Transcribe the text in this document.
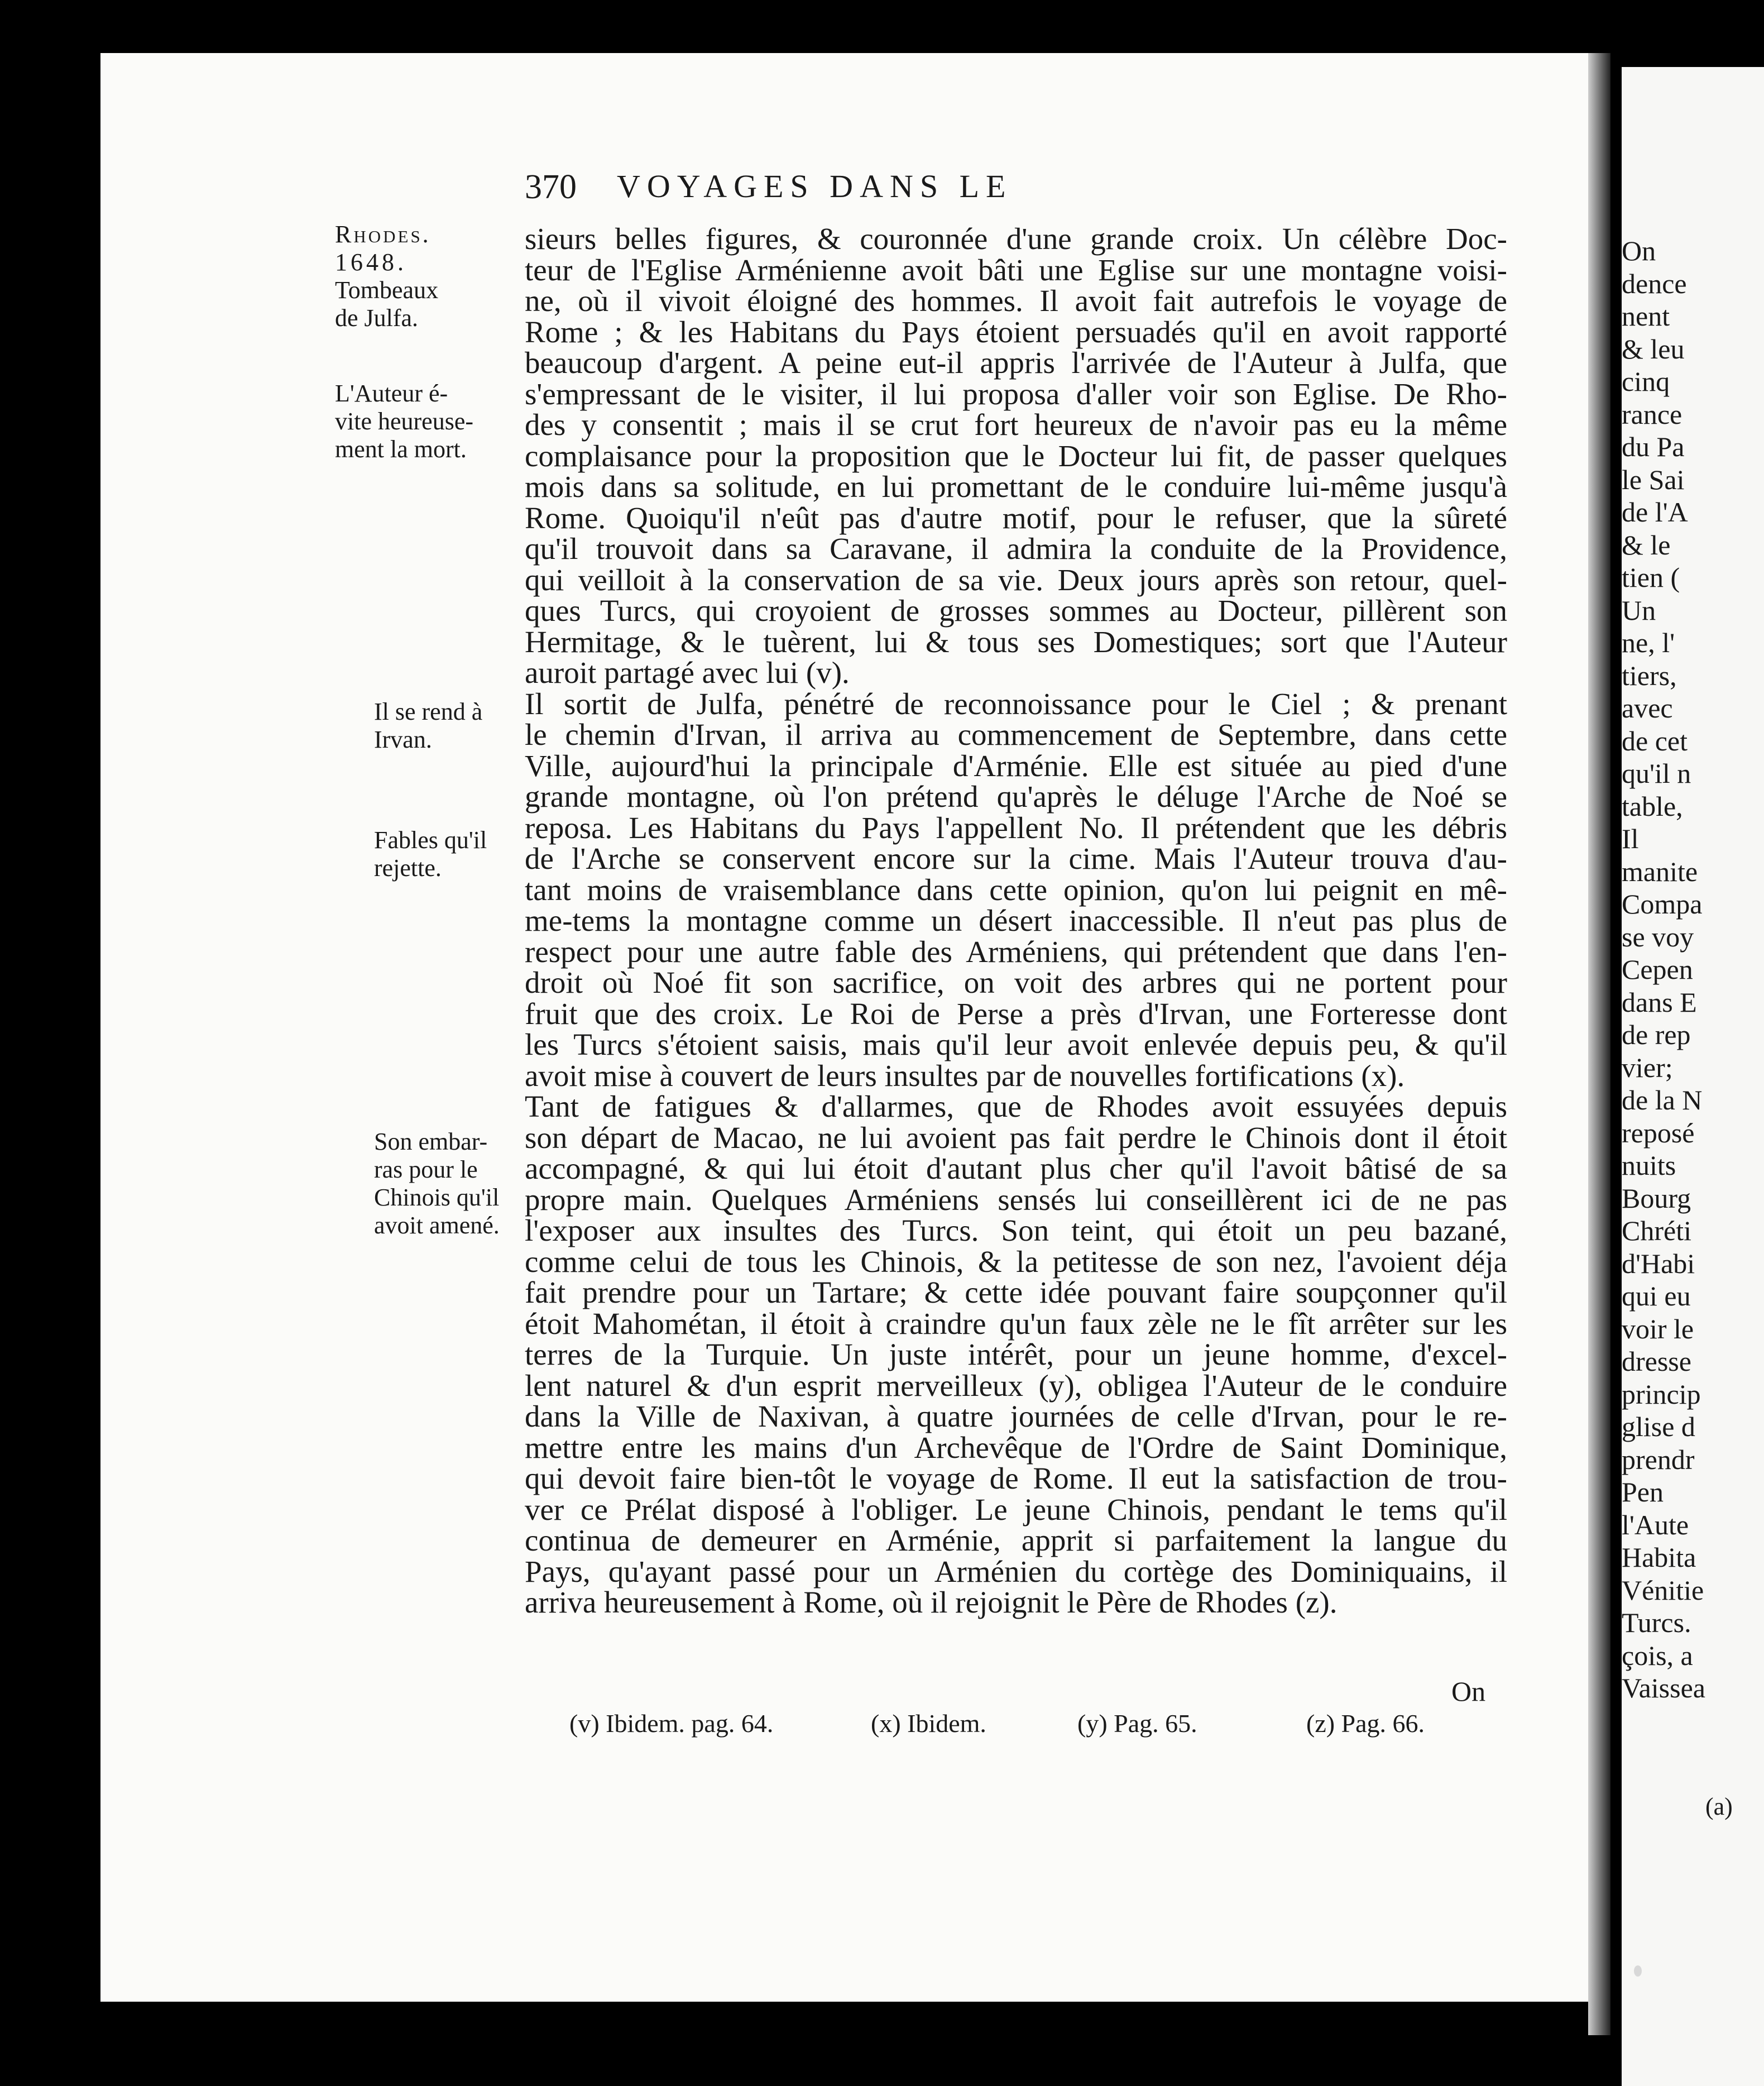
On
dence
nent
& leu
cinq
rance
du Pa
le Sai
de l'A
& le
tien (
Un
ne, l'
tiers,
avec
de cet
qu'il n
table,
Il
manite
Compa
se voy
Cepen
dans E
de rep
vier;
de la N
reposé
nuits
Bourg
Chréti
d'Habi
qui eu
voir le
dresse
princip
glise d
prendr
Pen
l'Aute
Habita
Vénitie
Turcs.
çois, a
Vaissea
(a)
370 VOYAGES DANS LE
Rhodes.
1648.
Tombeaux
de Julfa.
L'Auteur é-
vite heureuse-
ment la mort.
Il se rend à
Irvan.
Fables qu'il
rejette.
Son embar-
ras pour le
Chinois qu'il
avoit amené.
sieurs belles figures, & couronnée d'une grande croix. Un célèbre Doc-
teur de l'Eglise Arménienne avoit bâti une Eglise sur une montagne voisi-
ne, où il vivoit éloigné des hommes. Il avoit fait autrefois le voyage de
Rome ; & les Habitans du Pays étoient persuadés qu'il en avoit rapporté
beaucoup d'argent. A peine eut-il appris l'arrivée de l'Auteur à Julfa, que
s'empressant de le visiter, il lui proposa d'aller voir son Eglise. De Rho-
des y consentit ; mais il se crut fort heureux de n'avoir pas eu la même
complaisance pour la proposition que le Docteur lui fit, de passer quelques
mois dans sa solitude, en lui promettant de le conduire lui-même jusqu'à
Rome. Quoiqu'il n'eût pas d'autre motif, pour le refuser, que la sûreté
qu'il trouvoit dans sa Caravane, il admira la conduite de la Providence,
qui veilloit à la conservation de sa vie. Deux jours après son retour, quel-
ques Turcs, qui croyoient de grosses sommes au Docteur, pillèrent son
Hermitage, & le tuèrent, lui & tous ses Domestiques; sort que l'Auteur
auroit partagé avec lui (v).
Il sortit de Julfa, pénétré de reconnoissance pour le Ciel ; & prenant
le chemin d'Irvan, il arriva au commencement de Septembre, dans cette
Ville, aujourd'hui la principale d'Arménie. Elle est située au pied d'une
grande montagne, où l'on prétend qu'après le déluge l'Arche de Noé se
reposa. Les Habitans du Pays l'appellent No. Il prétendent que les débris
de l'Arche se conservent encore sur la cime. Mais l'Auteur trouva d'au-
tant moins de vraisemblance dans cette opinion, qu'on lui peignit en mê-
me-tems la montagne comme un désert inaccessible. Il n'eut pas plus de
respect pour une autre fable des Arméniens, qui prétendent que dans l'en-
droit où Noé fit son sacrifice, on voit des arbres qui ne portent pour
fruit que des croix. Le Roi de Perse a près d'Irvan, une Forteresse dont
les Turcs s'étoient saisis, mais qu'il leur avoit enlevée depuis peu, & qu'il
avoit mise à couvert de leurs insultes par de nouvelles fortifications (x).
Tant de fatigues & d'allarmes, que de Rhodes avoit essuyées depuis
son départ de Macao, ne lui avoient pas fait perdre le Chinois dont il étoit
accompagné, & qui lui étoit d'autant plus cher qu'il l'avoit bâtisé de sa
propre main. Quelques Arméniens sensés lui conseillèrent ici de ne pas
l'exposer aux insultes des Turcs. Son teint, qui étoit un peu bazané,
comme celui de tous les Chinois, & la petitesse de son nez, l'avoient déja
fait prendre pour un Tartare; & cette idée pouvant faire soupçonner qu'il
étoit Mahométan, il étoit à craindre qu'un faux zèle ne le fît arrêter sur les
terres de la Turquie. Un juste intérêt, pour un jeune homme, d'excel-
lent naturel & d'un esprit merveilleux (y), obligea l'Auteur de le conduire
dans la Ville de Naxivan, à quatre journées de celle d'Irvan, pour le re-
mettre entre les mains d'un Archevêque de l'Ordre de Saint Dominique,
qui devoit faire bien-tôt le voyage de Rome. Il eut la satisfaction de trou-
ver ce Prélat disposé à l'obliger. Le jeune Chinois, pendant le tems qu'il
continua de demeurer en Arménie, apprit si parfaitement la langue du
Pays, qu'ayant passé pour un Arménien du cortège des Dominiquains, il
arriva heureusement à Rome, où il rejoignit le Père de Rhodes (z).
On
(v) Ibidem. pag. 64.	(x) Ibidem.	(y) Pag. 65.	(z) Pag. 66.
